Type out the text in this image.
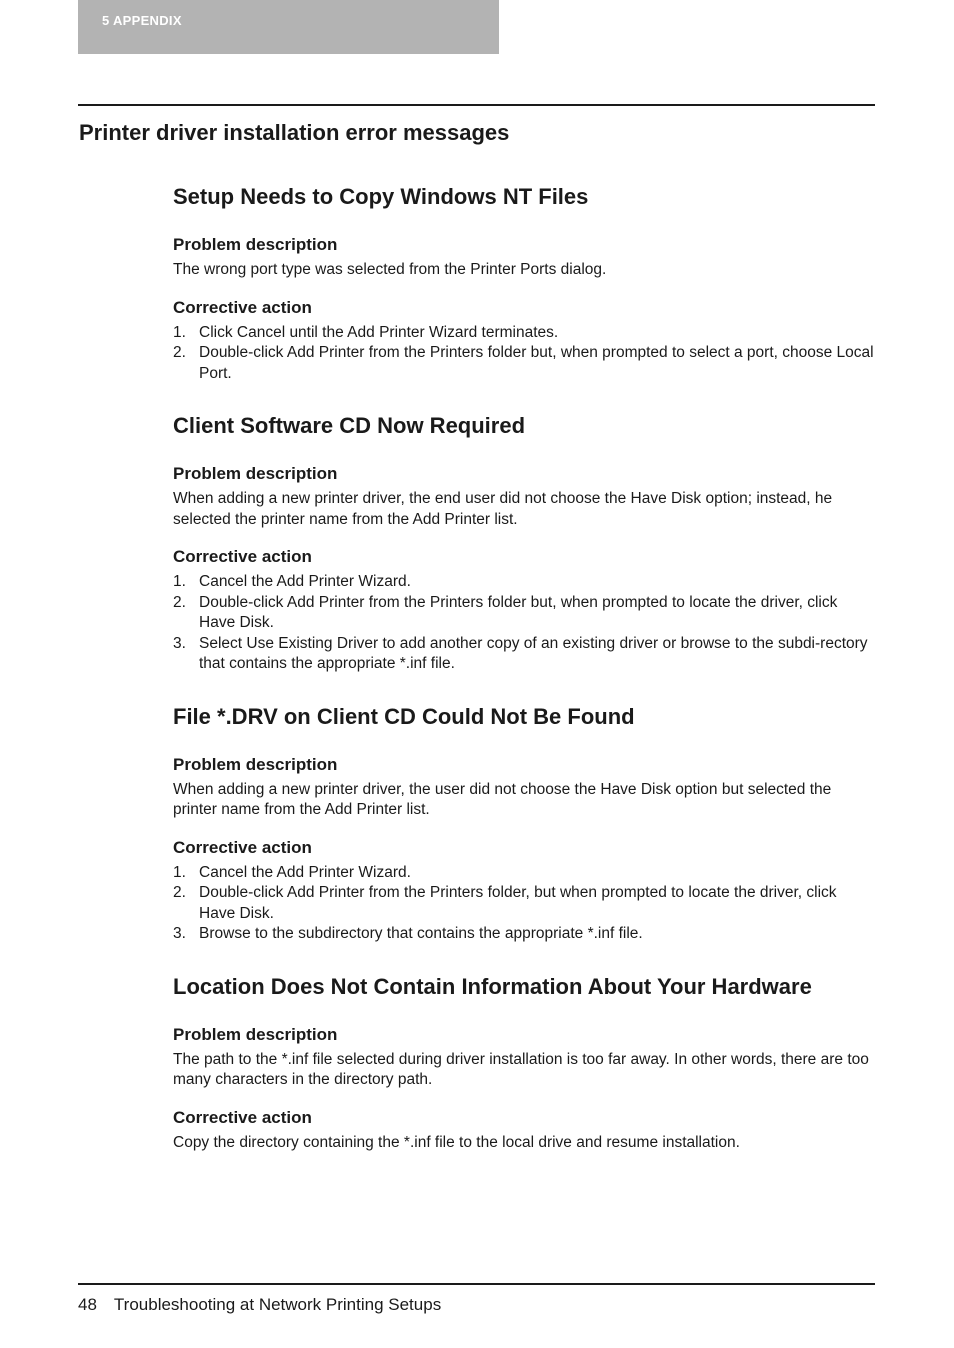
5 APPENDIX
Printer driver installation error messages
Setup Needs to Copy Windows NT Files
Problem description

The wrong port type was selected from the Printer Ports dialog.

Corrective action
1. Click Cancel until the Add Printer Wizard terminates.
2. Double-click Add Printer from the Printers folder but, when prompted to select a port, choose Local Port.
Client Software CD Now Required
Problem description

When adding a new printer driver, the end user did not choose the Have Disk option; instead, he selected the printer name from the Add Printer list.

Corrective action
1. Cancel the Add Printer Wizard.
2. Double-click Add Printer from the Printers folder but, when prompted to locate the driver, click Have Disk.
3. Select Use Existing Driver to add another copy of an existing driver or browse to the subdi-rectory that contains the appropriate *.inf file.
File *.DRV on Client CD Could Not Be Found
Problem description

When adding a new printer driver, the user did not choose the Have Disk option but selected the printer name from the Add Printer list.

Corrective action
1. Cancel the Add Printer Wizard.
2. Double-click Add Printer from the Printers folder, but when prompted to locate the driver, click Have Disk.
3. Browse to the subdirectory that contains the appropriate *.inf file.
Location Does Not Contain Information About Your Hardware
Problem description

The path to the *.inf file selected during driver installation is too far away. In other words, there are too many characters in the directory path.

Corrective action

Copy the directory containing the *.inf file to the local drive and resume installation.

48 Troubleshooting at Network Printing Setups
